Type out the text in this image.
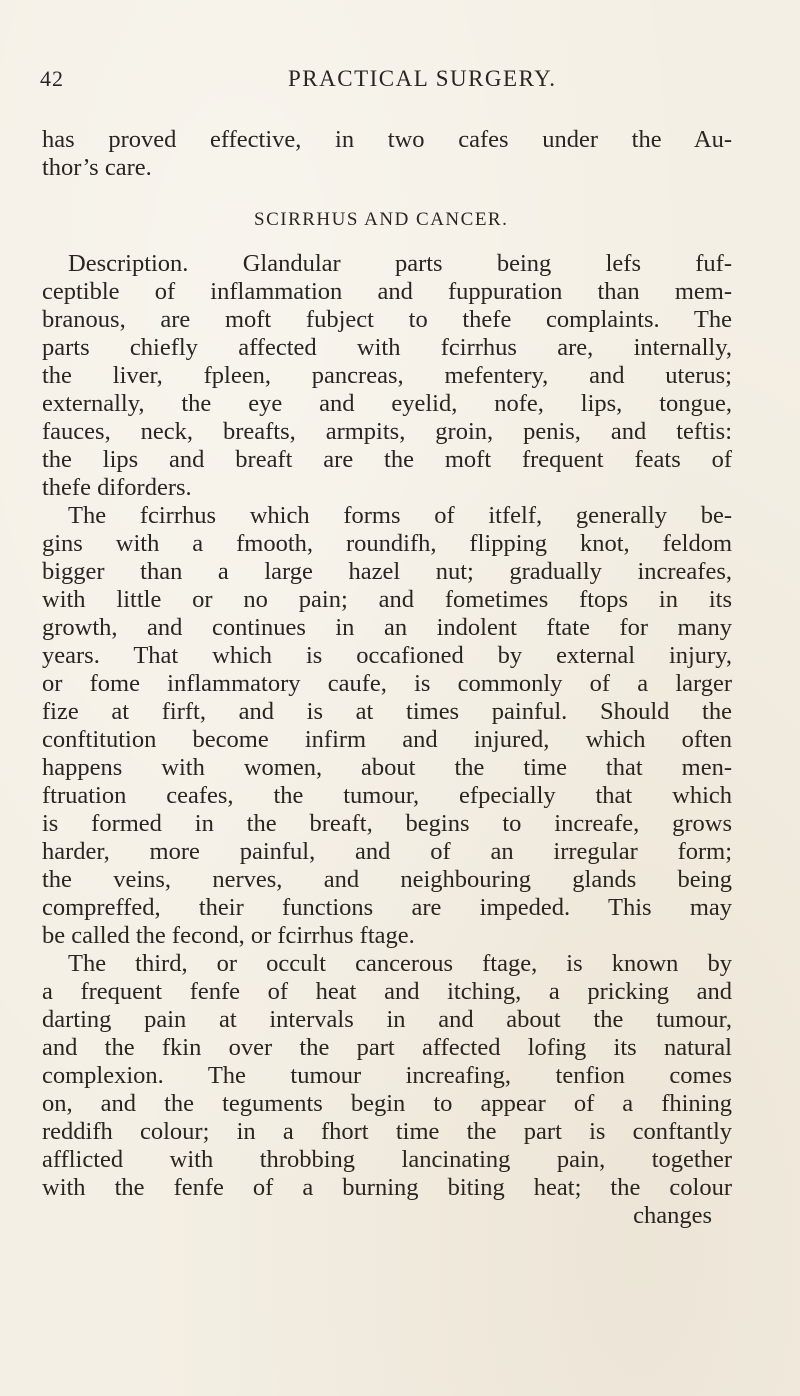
42	PRACTICAL SURGERY.
has proved effective, in two cafes under the Au-
thor’s care.
SCIRRHUS AND CANCER.
Description. Glandular parts being lefs fuf-
ceptible of inflammation and fuppuration than mem-
branous, are moft fubject to thefe complaints. The
parts chiefly affected with fcirrhus are, internally,
the liver, fpleen, pancreas, mefentery, and uterus;
externally, the eye and eyelid, nofe, lips, tongue,
fauces, neck, breafts, armpits, groin, penis, and teftis:
the lips and breaft are the moft frequent feats of
thefe diforders.
The fcirrhus which forms of itfelf, generally be-
gins with a fmooth, roundifh, flipping knot, feldom
bigger than a large hazel nut; gradually increafes,
with little or no pain; and fometimes ftops in its
growth, and continues in an indolent ftate for many
years. That which is occafioned by external injury,
or fome inflammatory caufe, is commonly of a larger
fize at firft, and is at times painful. Should the
conftitution become infirm and injured, which often
happens with women, about the time that men-
ftruation ceafes, the tumour, efpecially that which
is formed in the breaft, begins to increafe, grows
harder, more painful, and of an irregular form;
the veins, nerves, and neighbouring glands being
compreffed, their functions are impeded. This may
be called the fecond, or fcirrhus ftage.
The third, or occult cancerous ftage, is known by
a frequent fenfe of heat and itching, a pricking and
darting pain at intervals in and about the tumour,
and the fkin over the part affected lofing its natural
complexion. The tumour increafing, tenfion comes
on, and the teguments begin to appear of a fhining
reddifh colour; in a fhort time the part is conftantly
afflicted with throbbing lancinating pain, together
with the fenfe of a burning biting heat; the colour
changes
